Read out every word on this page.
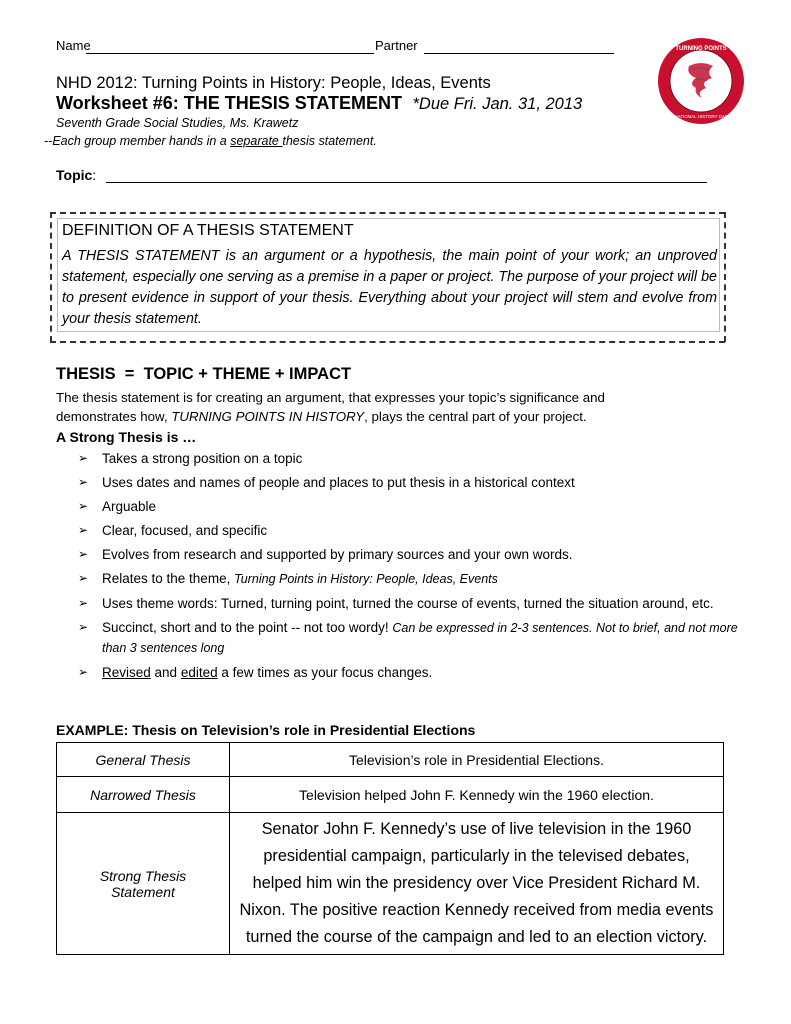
Name	Partner
NHD 2012: Turning Points in History: People, Ideas, Events
Worksheet #6: THE THESIS STATEMENT *Due Fri. Jan. 31, 2013
Seventh Grade Social Studies, Ms. Krawetz
--Each group member hands in a separate thesis statement.
Topic:
TURNING POINTS
NATIONAL HISTORY DAY
DEFINITION OF A THESIS STATEMENT
A THESIS STATEMENT is an argument or a hypothesis, the main point of your work; an unproved statement, especially one serving as a premise in a paper or project. The purpose of your project will be to present evidence in support of your thesis. Everything about your project will stem and evolve from your thesis statement.
THESIS  =  TOPIC + THEME + IMPACT
The thesis statement is for creating an argument, that expresses your topic’s significance and
demonstrates how, TURNING POINTS IN HISTORY, plays the central part of your project.
A Strong Thesis is …
➢ Takes a strong position on a topic
➢ Uses dates and names of people and places to put thesis in a historical context
➢ Arguable
➢ Clear, focused, and specific
➢ Evolves from research and supported by primary sources and your own words.
➢ Relates to the theme, Turning Points in History: People, Ideas, Events
➢ Uses theme words: Turned, turning point, turned the course of events, turned the situation around, etc.
➢ Succinct, short and to the point -- not too wordy! Can be expressed in 2-3 sentences. Not to brief, and not more than 3 sentences long
➢ Revised and edited a few times as your focus changes.
EXAMPLE: Thesis on Television’s role in Presidential Elections
General Thesis	Television’s role in Presidential Elections.
Narrowed Thesis	Television helped John F. Kennedy win the 1960 election.
Strong Thesis Statement	Senator John F. Kennedy’s use of live television in the 1960 presidential campaign, particularly in the televised debates, helped him win the presidency over Vice President Richard M. Nixon. The positive reaction Kennedy received from media events turned the course of the campaign and led to an election victory.
